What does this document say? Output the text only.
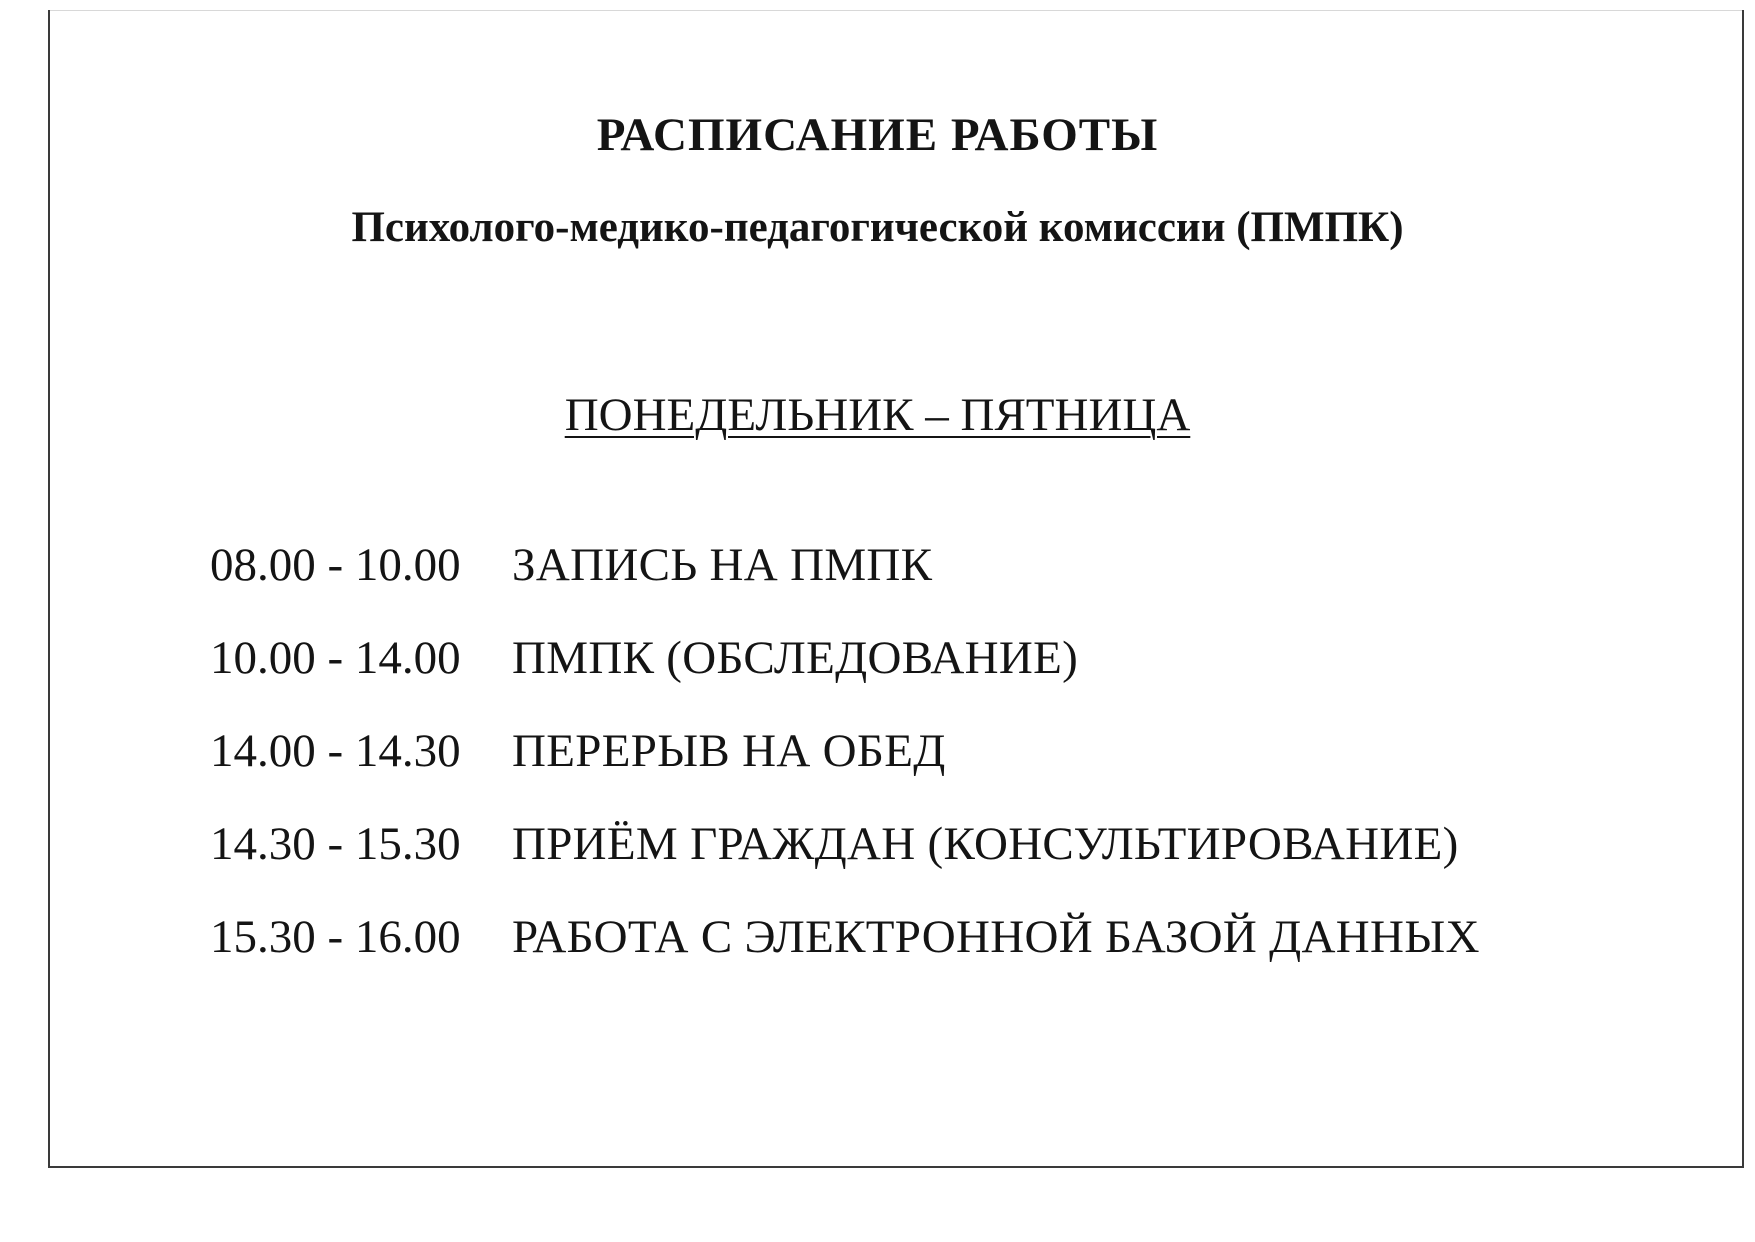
РАСПИСАНИЕ РАБОТЫ
Психолого-медико-педагогической комиссии (ПМПК)
ПОНЕДЕЛЬНИК – ПЯТНИЦА
08.00 - 10.00	ЗАПИСЬ НА ПМПК
10.00 - 14.00	ПМПК (ОБСЛЕДОВАНИЕ)
14.00 - 14.30	ПЕРЕРЫВ НА ОБЕД
14.30 - 15.30	ПРИЁМ ГРАЖДАН (КОНСУЛЬТИРОВАНИЕ)
15.30 - 16.00	РАБОТА С ЭЛЕКТРОННОЙ БАЗОЙ ДАННЫХ
